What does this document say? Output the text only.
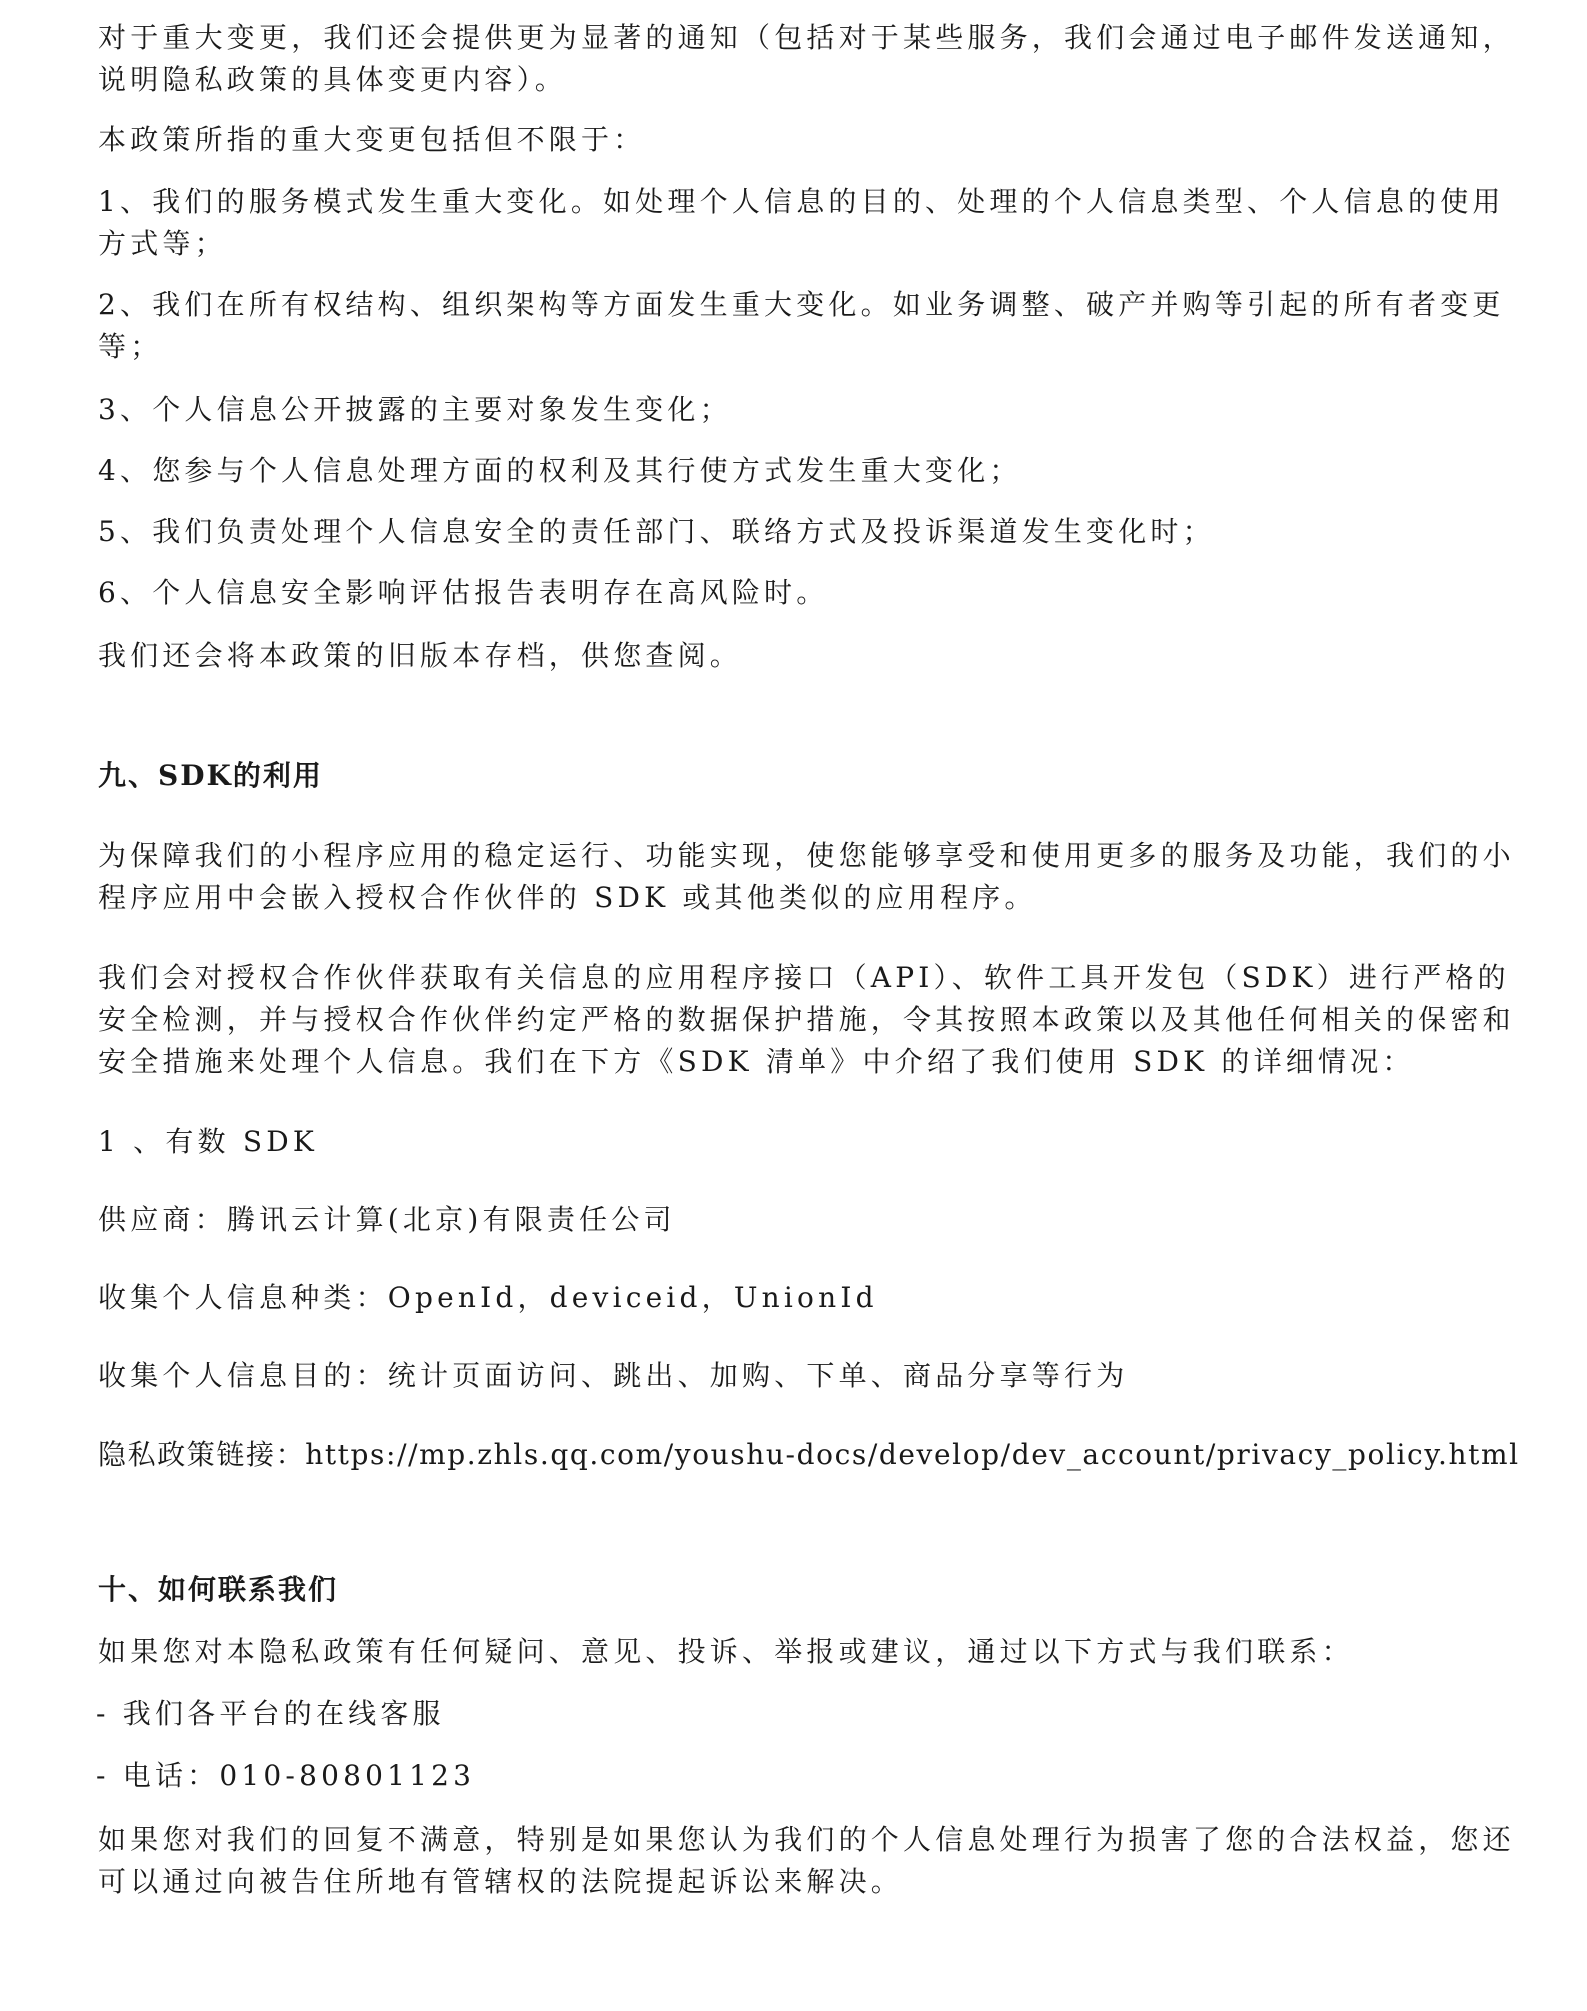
对于重大变更，我们还会提供更为显著的通知（包括对于某些服务，我们会通过电子邮件发送通知，
说明隐私政策的具体变更内容）。
本政策所指的重大变更包括但不限于：
1、我们的服务模式发生重大变化。如处理个人信息的目的、处理的个人信息类型、个人信息的使用
方式等；
2、我们在所有权结构、组织架构等方面发生重大变化。如业务调整、破产并购等引起的所有者变更
等；
3、个人信息公开披露的主要对象发生变化；
4、您参与个人信息处理方面的权利及其行使方式发生重大变化；
5、我们负责处理个人信息安全的责任部门、联络方式及投诉渠道发生变化时；
6、个人信息安全影响评估报告表明存在高风险时。
我们还会将本政策的旧版本存档，供您查阅。
九、SDK的利用
为保障我们的小程序应用的稳定运行、功能实现，使您能够享受和使用更多的服务及功能，我们的小
程序应用中会嵌入授权合作伙伴的 SDK 或其他类似的应用程序。
我们会对授权合作伙伴获取有关信息的应用程序接口（API）、软件工具开发包（SDK）进行严格的
安全检测，并与授权合作伙伴约定严格的数据保护措施，令其按照本政策以及其他任何相关的保密和
安全措施来处理个人信息。我们在下方《SDK 清单》中介绍了我们使用 SDK 的详细情况：
1 、有数 SDK
供应商：腾讯云计算(北京)有限责任公司
收集个人信息种类：OpenId，deviceid，UnionId
收集个人信息目的：统计页面访问、跳出、加购、下单、商品分享等行为
隐私政策链接：https://mp.zhls.qq.com/youshu-docs/develop/dev_account/privacy_policy.html
十、如何联系我们
如果您对本隐私政策有任何疑问、意见、投诉、举报或建议，通过以下方式与我们联系：
- 我们各平台的在线客服
- 电话：010-80801123
如果您对我们的回复不满意，特别是如果您认为我们的个人信息处理行为损害了您的合法权益，您还
可以通过向被告住所地有管辖权的法院提起诉讼来解决。
